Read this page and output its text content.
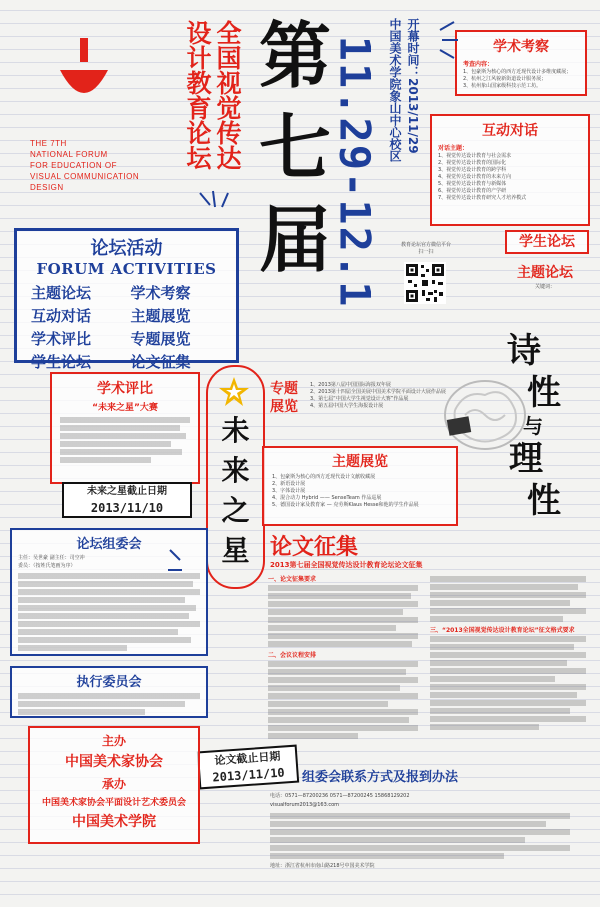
THE 7TH
NATIONAL FORUM
FOR EDUCATION OF
VISUAL COMMUNICATION
DESIGN
全国视觉传达 设计教育论坛 第
七
届 11.29-12.1 开幕时间：2013/11/29
中国美术学院象山中心校区
教育论坛官方微信平台
扫一扫
学术考察
考查内容：
1、包豪斯为核心的西方近现代设计多维度藏展；
2、杭州之江风貌新街道设计服务展；
3、杭州象山国家级科技示范工坊。
互动对话
对话主题：
1、视觉传达设计教育与社会需求
2、视觉传达设计教育的国际化
3、视觉传达设计教育的跨学科
4、视觉传达设计教育的未来方向
5、视觉传达设计教育与新媒体
6、视觉传达设计教育的产学研
7、视觉传达设计教育研究人才培养模式
学生论坛
主题论坛
关键词：
诗
性
与
理
性
论坛活动
FORUM ACTIVITIES
主题论坛	学术考察
互动对话	主题展览
学术评比	专题展览
学生论坛	论文征集
学术评比
“未来之星”大赛
未来之星截止日期
2013/11/10
未
来
之
星
专题
展览
1、2013第八届中国国际海报双年展
2、2013第十四届全国美展中国美术学院平面设计大展作品展
3、第七届“中国大学生视觉设计大赛”作品展
4、第五届中国大学生海报设计展
主题展览
1、包豪斯为核心的西方近现代设计文献收藏展
2、新语设计展
3、字体设计展
4、混合动力 Hybrid —— SenseTeam 作品巡展
5、德国设计家及教育家 — 克劳斯Klaus Hesse和他的学生作品展
论坛组委会
主任：吴世豪 副主任：司空冲
委员：（按姓氏笔画为序）
执行委员会
论文征集
2013第七届全国视觉传达设计教育论坛论文征集
一、论文征集要求
二、会议议程安排
三、“2013全国视觉传达设计教育论坛”征文格式要求
论文截止日期
2013/11/10
主办
中国美术家协会
承办
中国美术家协会平面设计艺术委员会
中国美术学院
组委会联系方式及报到办法
电话：0571—87200236 0571—87200245 15868129202
visualforum2013@163.com
地址：浙江省杭州市南山路218号中国美术学院
